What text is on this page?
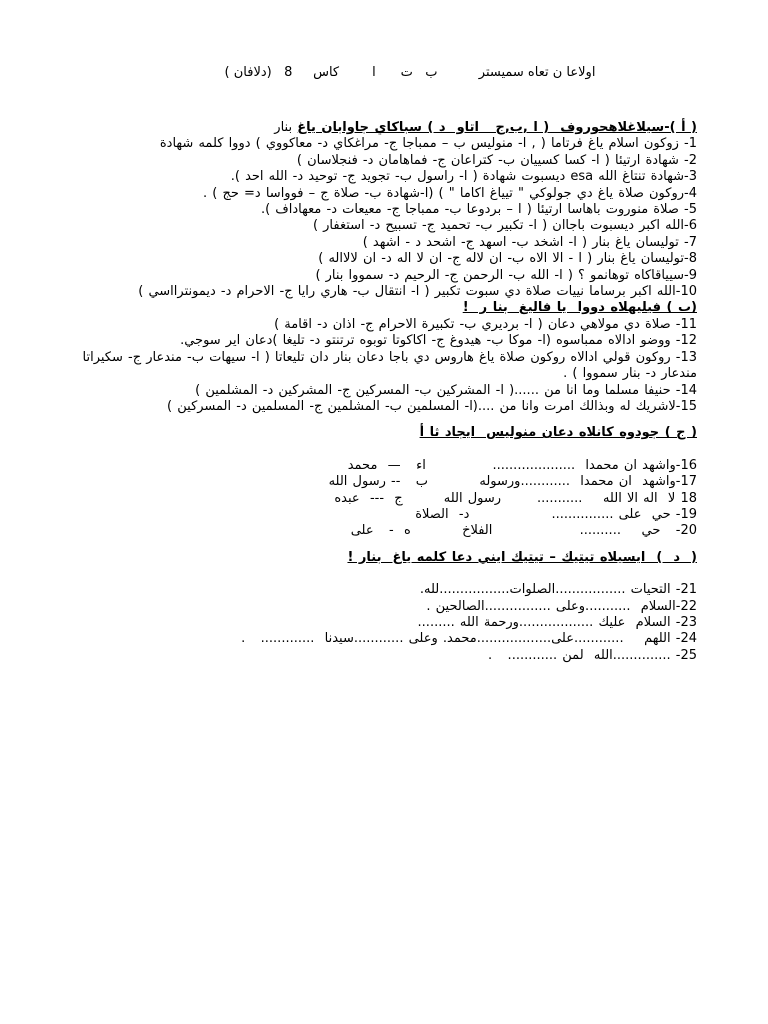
اولاعا ن تعاه سميستر          ب   ت      ا        كاس     8   (دلافان )

( أ )-سيلاغلاهحوروف  ( ا ,ب,ج   اتاو  د ) سباكاي جاوابان ياغ بنار

1- زوكون اسلام ياغ فرتاما ( , ا- منوليس ب – ممباجا ج- مراغكاي د- معاكووي ) دووا كلمه شهادة

2- شهادة ارتيئا ( ا- كسا كسييان ب- كتراعان ج- فماهامان د- فنجلاسان )

3-شهادة تنتاغ الله esa ديسبوت شهادة ( ا- راسول ب- تجويد ج- توحيد د- الله احد ).

4-روكون صلاة ياغ دي جولوكي " تيياغ اكاما " ) (ا-شهادة ب- صلاة ج – فوواسا د= حج ) .

5- صلاة منوروت باهاسا ارتيئا ( ا – بردوعا ب- ممباجا ج- معيعات د- معهاداف ).

6-الله اكبر ديسبوت باجاان ( ا- تكبير ب- تحميد ج- تسبيح د- استغفار )

7- توليسان ياغ بنار ( ا- اشخد ب- اسهد ج- اشحد د - اشهد )

8-توليسان ياغ بنار ( ا - الا الاه ب- ان لاله ج- ان لا اله د- ان لالااله )

9-سيياقاكاه توهانمو ؟ ( ا- الله ب- الرحمن ج- الرحيم د- سمووا بنار )

10-الله اكبر برساما نييات صلاة دي سبوت تكبير ( ا- انتقال ب- هاري رايا ج- الاحرام د- ديمونترااسي )

(ب ) فيليهلاه دووا  يا فاليغ  بنا ر  !

11- صلاة دي مولاهي دعان ( ا- برديري ب- تكبيرة الاحرام ج- اذان د- اقامة )

12- ووضو ادالاه ممباسوه (ا- موكا ب- هيدوغ ج- اكاكوتا توبوه ترتنتو د- تليغا )دعان اير سوجي.

13- روكون قولي ادالاه روكون صلاة ياغ هاروس دي باجا دعان بنار دان تليعاتا ( ا- سيهات ب- مندعار ج- سكيراتا مندعار د- بنار سمووا ) .

14- حنيفا مسلما وما انا من ......( ا- المشركين ب- المسركين ج- المشركين د- المشلمين )

15-لاشريك له وبذالك امرت وانا من ....(ا- المسلمين ب- المشلمين ج- المسلمين د- المسركين )

( ج ) جودوه كانلاه دعان منوليس  ايجاد ثا أ

16-واشهد ان محمدا  ....................             اء   —  محمد

17-واشهد  ان محمدا  ............ورسوله          ب   -- رسول الله

18 لا  اله الا الله    ...........       رسول الله        ج  ---  عبده

19- حي  على ...............                د-  الصلاة

20-   حي    ..........                 الفلاخ          ه  -   على

(  د  )  ايسيلاه تيتيك – تيتيك ايني دعا كلمه ياغ  بنار !

21- التحيات .................الصلوات.................لله.

22-السلام  ...........وعلى ................الصالحين .

23- السلام  عليك ..................ورحمة الله .........

24- اللهم    ............على..................محمد. وعلى ............سيدنا  .............   .

25- ..............الله  لمن ............   .
